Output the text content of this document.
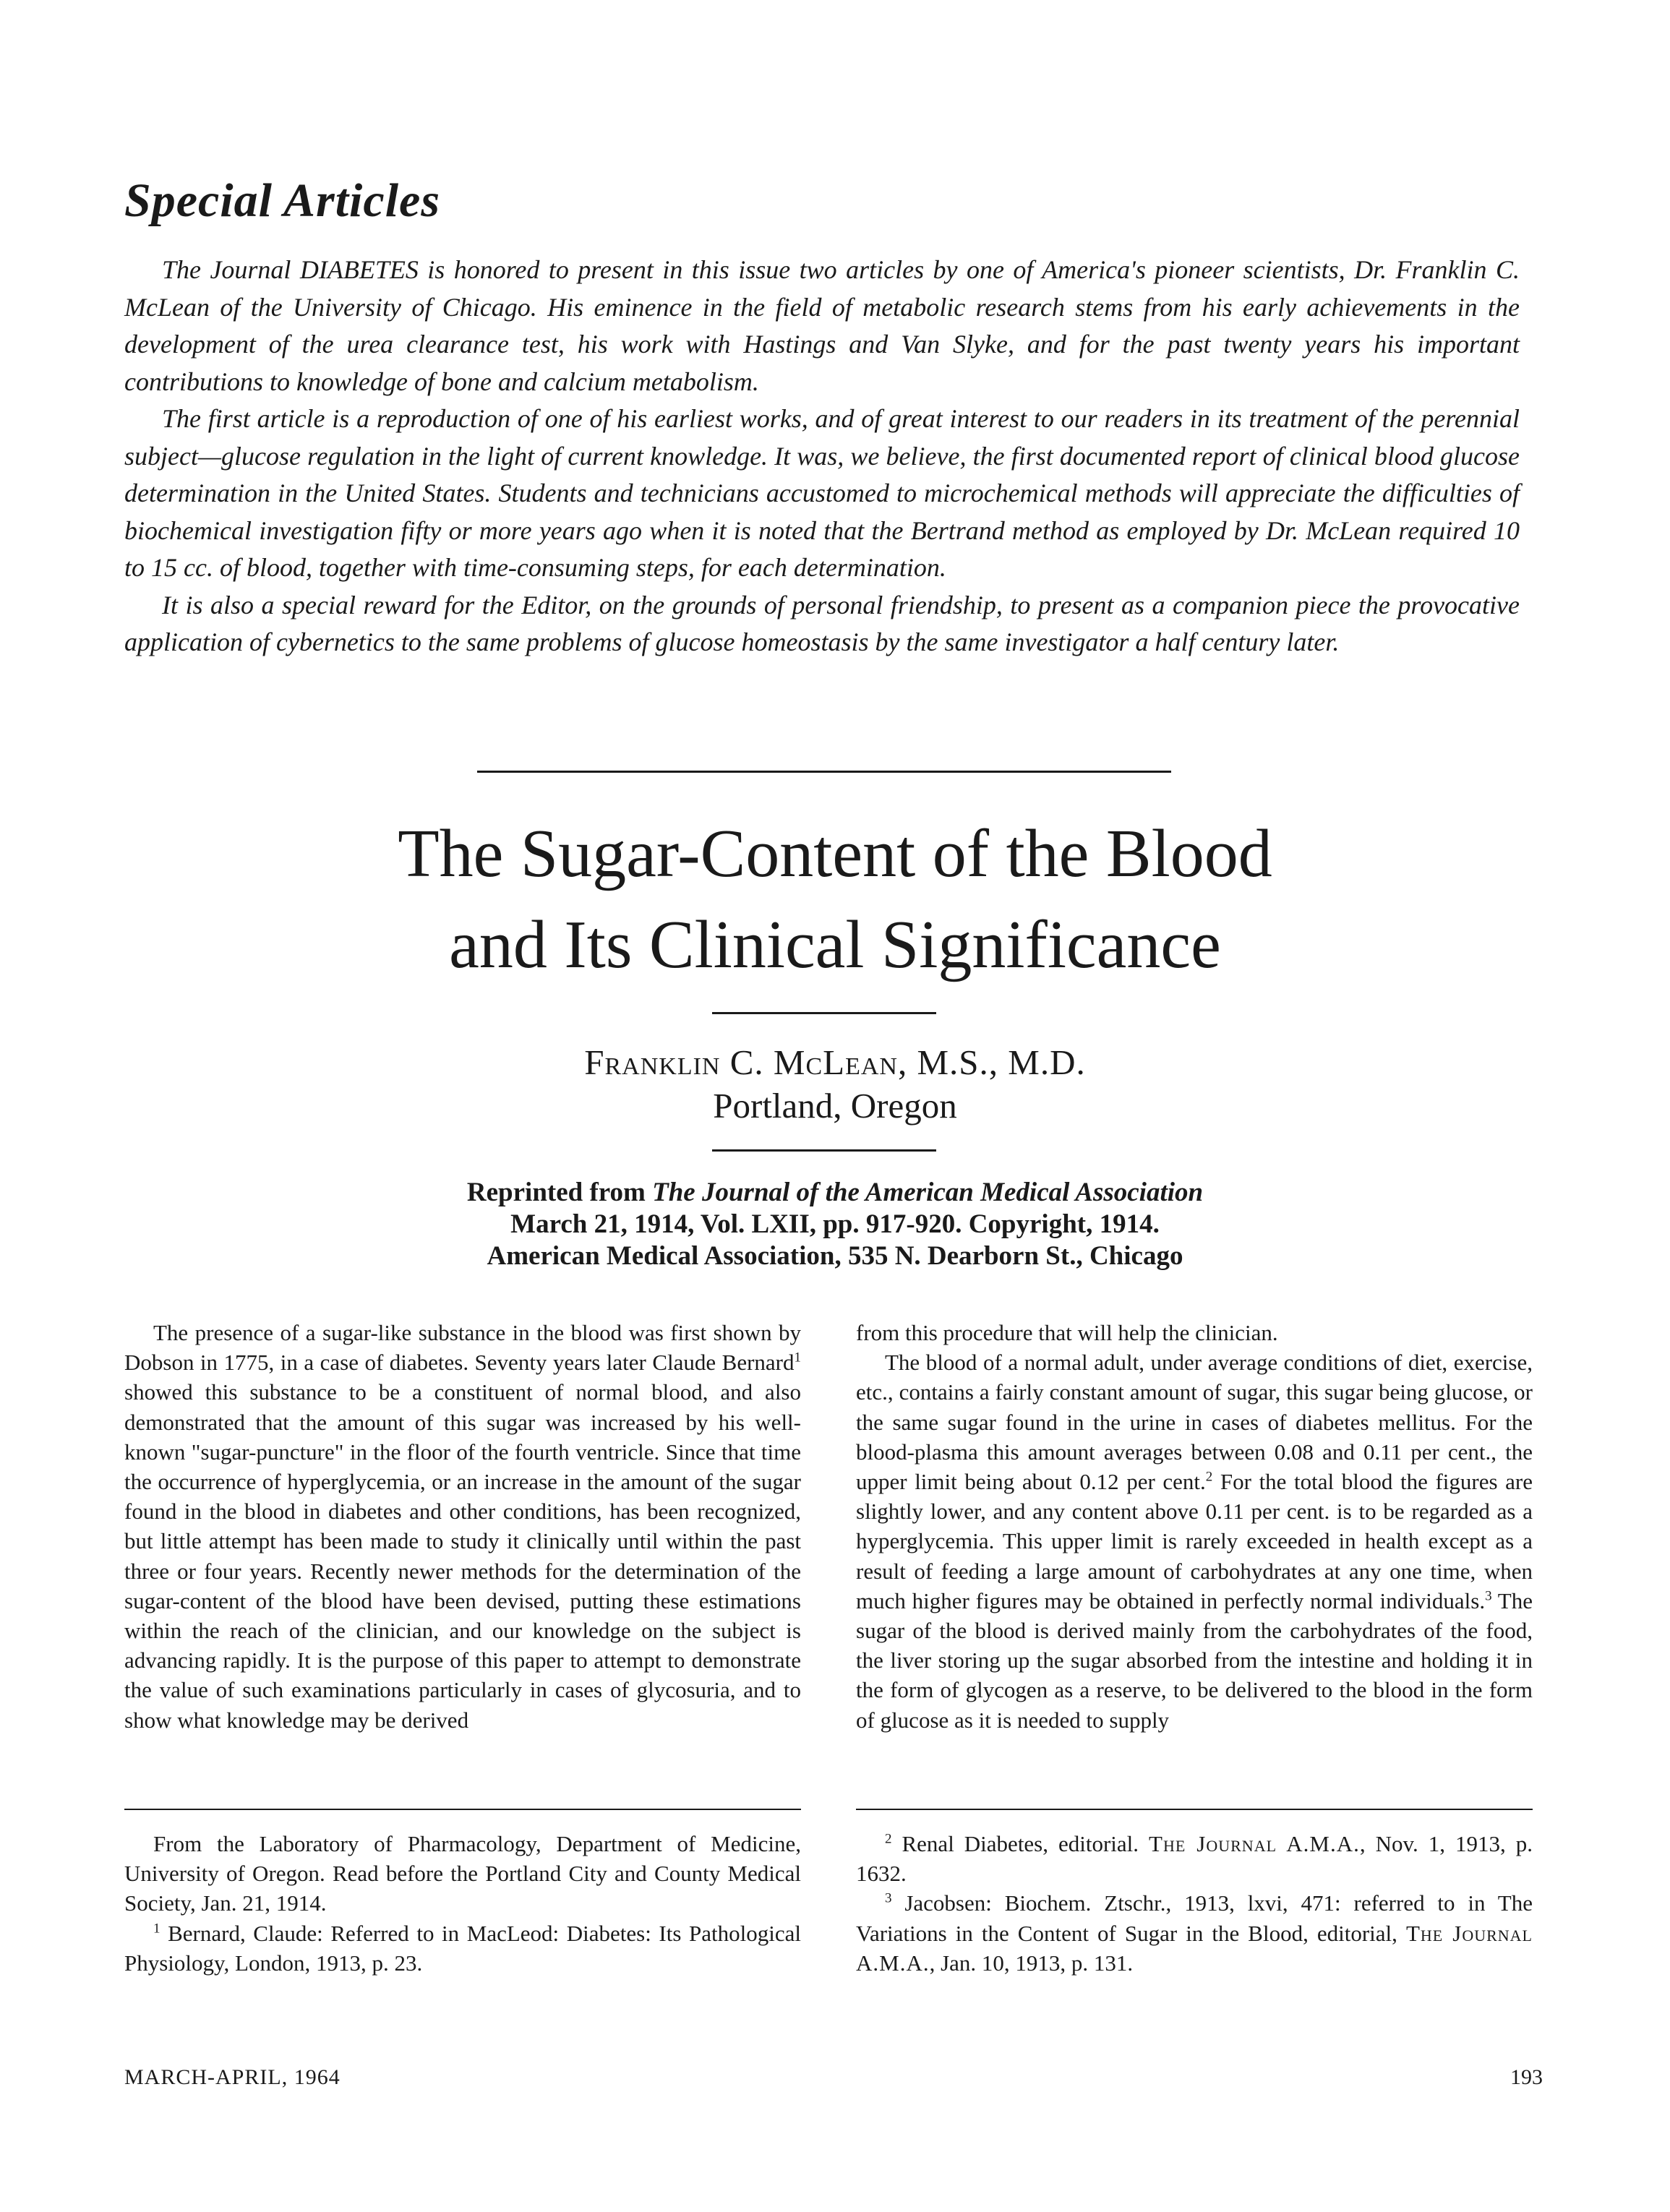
Special Articles

The Journal DIABETES is honored to present in this issue two articles by one of America's pioneer scientists, Dr. Franklin C. McLean of the University of Chicago. His eminence in the field of metabolic research stems from his early achievements in the development of the urea clearance test, his work with Hastings and Van Slyke, and for the past twenty years his important contributions to knowledge of bone and calcium metabolism.

The first article is a reproduction of one of his earliest works, and of great interest to our readers in its treatment of the perennial subject—glucose regulation in the light of current knowledge. It was, we believe, the first documented report of clinical blood glucose determination in the United States. Students and technicians accustomed to microchemical methods will appreciate the difficulties of biochemical investigation fifty or more years ago when it is noted that the Bertrand method as employed by Dr. McLean required 10 to 15 cc. of blood, together with time-consuming steps, for each determination.

It is also a special reward for the Editor, on the grounds of personal friendship, to present as a companion piece the provocative application of cybernetics to the same problems of glucose homeostasis by the same investigator a half century later.

The Sugar-Content of the Blood
and Its Clinical Significance
Franklin C. McLean, M.S., M.D.
Portland, Oregon
Reprinted from The Journal of the American Medical Association
March 21, 1914, Vol. LXII, pp. 917-920. Copyright, 1914.
American Medical Association, 535 N. Dearborn St., Chicago

The presence of a sugar-like substance in the blood was first shown by Dobson in 1775, in a case of diabetes. Seventy years later Claude Bernard$^1$ showed this substance to be a constituent of normal blood, and also demonstrated that the amount of this sugar was increased by his well-known "sugar-puncture" in the floor of the fourth ventricle. Since that time the occurrence of hyperglycemia, or an increase in the amount of the sugar found in the blood in diabetes and other conditions, has been recognized, but little attempt has been made to study it clinically until within the past three or four years. Recently newer methods for the determination of the sugar-content of the blood have been devised, putting these estimations within the reach of the clinician, and our knowledge on the subject is advancing rapidly. It is the purpose of this paper to attempt to demonstrate the value of such examinations particularly in cases of glycosuria, and to show what knowledge may be derived

from this procedure that will help the clinician.

The blood of a normal adult, under average conditions of diet, exercise, etc., contains a fairly constant amount of sugar, this sugar being glucose, or the same sugar found in the urine in cases of diabetes mellitus. For the blood-plasma this amount averages between 0.08 and 0.11 per cent., the upper limit being about 0.12 per cent.$^2$ For the total blood the figures are slightly lower, and any content above 0.11 per cent. is to be regarded as a hyperglycemia. This upper limit is rarely exceeded in health except as a result of feeding a large amount of carbohydrates at any one time, when much higher figures may be obtained in perfectly normal individuals.$^3$ The sugar of the blood is derived mainly from the carbohydrates of the food, the liver storing up the sugar absorbed from the intestine and holding it in the form of glycogen as a reserve, to be delivered to the blood in the form of glucose as it is needed to supply

From the Laboratory of Pharmacology, Department of Medicine, University of Oregon. Read before the Portland City and County Medical Society, Jan. 21, 1914.

$^1$ Bernard, Claude: Referred to in MacLeod: Diabetes: Its Pathological Physiology, London, 1913, p. 23.

$^2$ Renal Diabetes, editorial. The Journal A.M.A., Nov. 1, 1913, p. 1632.

$^3$ Jacobsen: Biochem. Ztschr., 1913, lxvi, 471: referred to in The Variations in the Content of Sugar in the Blood, editorial, The Journal A.M.A., Jan. 10, 1913, p. 131.

MARCH-APRIL, 1964	193
